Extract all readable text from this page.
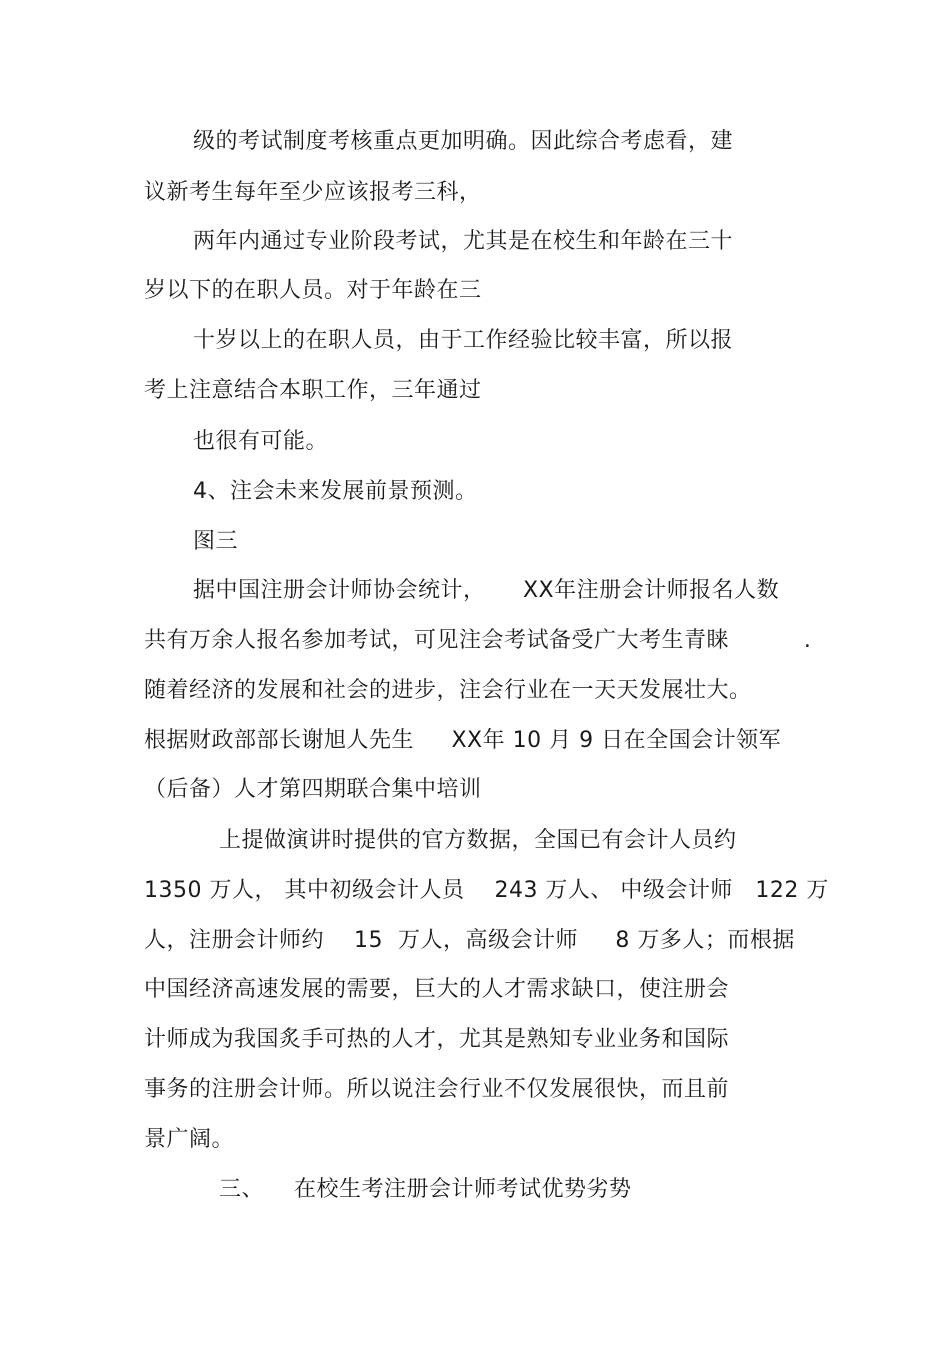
级的考试制度考核重点更加明确。因此综合考虑看，建
议新考生每年至少应该报考三科，
两年内通过专业阶段考试，尤其是在校生和年龄在三十
岁以下的在职人员。对于年龄在三
十岁以上的在职人员，由于工作经验比较丰富，所以报
考上注意结合本职工作，三年通过
也很有可能。
4、注会未来发展前景预测。
图三
据中国注册会计师协会统计，     XX年注册会计师报名人数
共有万余人报名参加考试，可见注会考试备受广大考生青睐          .
随着经济的发展和社会的进步，注会行业在一天天发展壮大。
根据财政部部长谢旭人先生     XX年 10 月 9 日在全国会计领军
（后备）人才第四期联合集中培训
上提做演讲时提供的官方数据，全国已有会计人员约
1350 万人， 其中初级会计人员    243 万人、 中级会计师   122 万
人，注册会计师约    15  万人，高级会计师     8 万多人；而根据
中国经济高速发展的需要，巨大的人才需求缺口，使注册会
计师成为我国炙手可热的人才，尤其是熟知专业业务和国际
事务的注册会计师。所以说注会行业不仅发展很快，而且前
景广阔。
三、    在校生考注册会计师考试优势劣势
